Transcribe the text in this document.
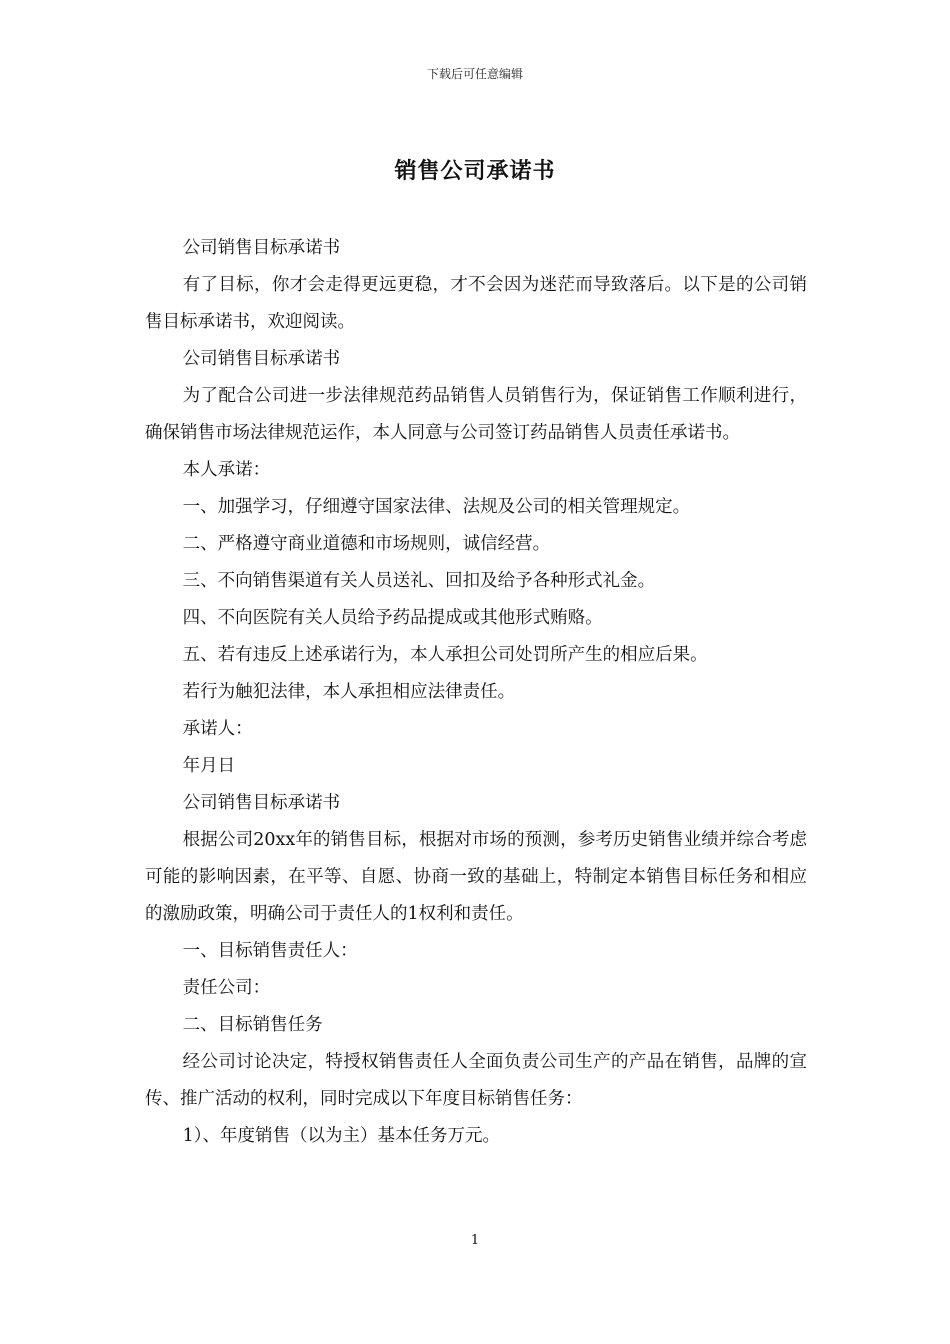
下载后可任意编辑
销售公司承诺书

公司销售目标承诺书

有了目标，你才会走得更远更稳，才不会因为迷茫而导致落后。以下是的公司销售目标承诺书，欢迎阅读。

公司销售目标承诺书

为了配合公司进一步法律规范药品销售人员销售行为，保证销售工作顺利进行，确保销售市场法律规范运作，本人同意与公司签订药品销售人员责任承诺书。

本人承诺：

一、加强学习，仔细遵守国家法律、法规及公司的相关管理规定。

二、严格遵守商业道德和市场规则，诚信经营。

三、不向销售渠道有关人员送礼、回扣及给予各种形式礼金。

四、不向医院有关人员给予药品提成或其他形式贿赂。

五、若有违反上述承诺行为，本人承担公司处罚所产生的相应后果。

若行为触犯法律，本人承担相应法律责任。

承诺人：

年月日

公司销售目标承诺书

根据公司20xx年的销售目标，根据对市场的预测，参考历史销售业绩并综合考虑可能的影响因素，在平等、自愿、协商一致的基础上，特制定本销售目标任务和相应的激励政策，明确公司于责任人的1权利和责任。

一、目标销售责任人：

责任公司：

二、目标销售任务

经公司讨论决定，特授权销售责任人全面负责公司生产的产品在销售，品牌的宣传、推广活动的权利，同时完成以下年度目标销售任务：

1）、年度销售（以为主）基本任务万元。

1
